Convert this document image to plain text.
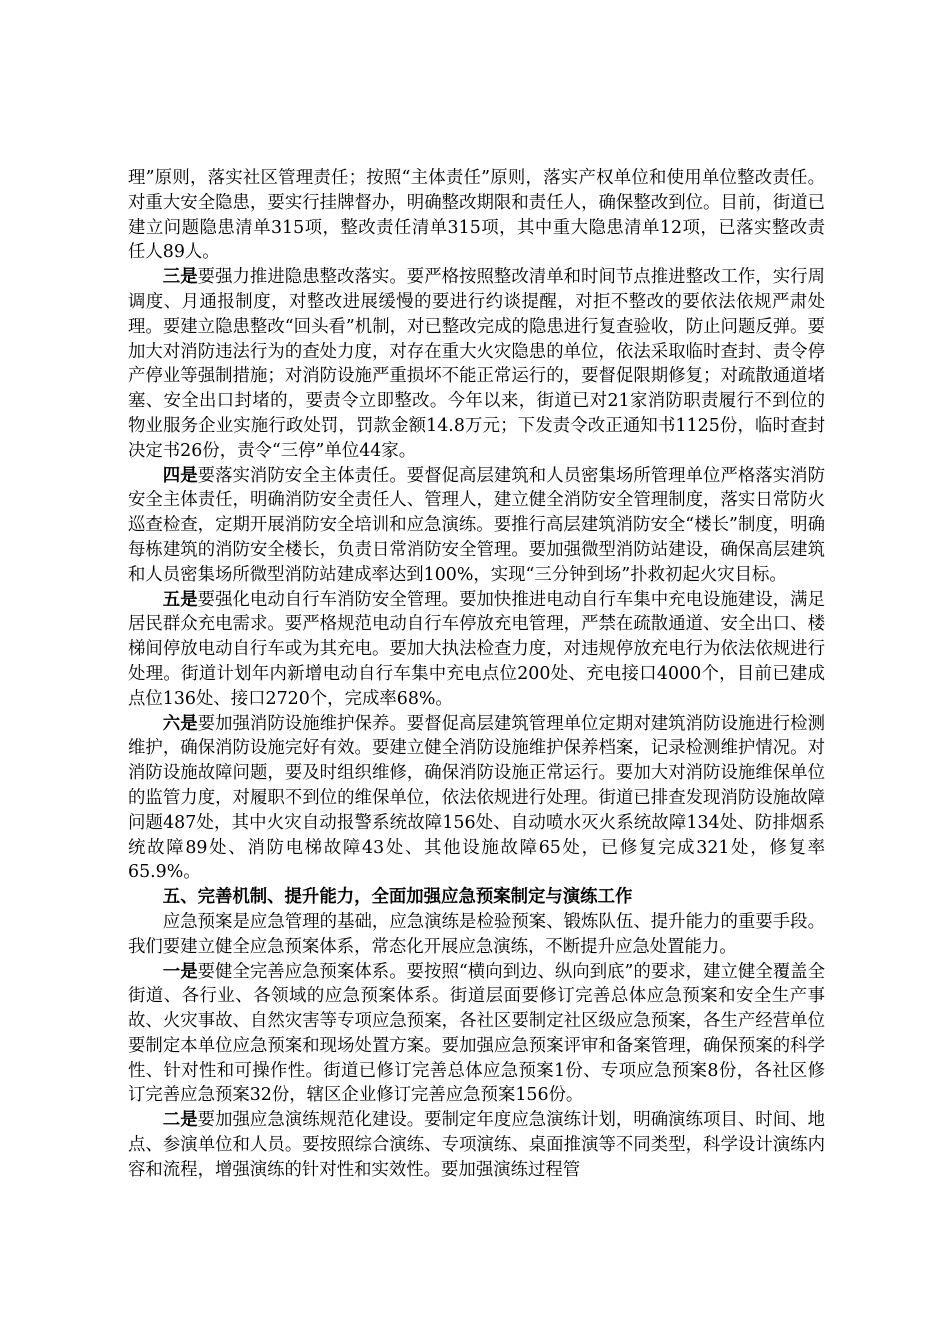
理”原则，落实社区管理责任；按照“主体责任”原则，落实产权单位和使用单位整改责任。对重大安全隐患，要实行挂牌督办，明确整改期限和责任人，确保整改到位。目前，街道已建立问题隐患清单315项，整改责任清单315项，其中重大隐患清单12项，已落实整改责任人89人。

三是要强力推进隐患整改落实。要严格按照整改清单和时间节点推进整改工作，实行周调度、月通报制度，对整改进展缓慢的要进行约谈提醒，对拒不整改的要依法依规严肃处理。要建立隐患整改“回头看”机制，对已整改完成的隐患进行复查验收，防止问题反弹。要加大对消防违法行为的查处力度，对存在重大火灾隐患的单位，依法采取临时查封、责令停产停业等强制措施；对消防设施严重损坏不能正常运行的，要督促限期修复；对疏散通道堵塞、安全出口封堵的，要责令立即整改。今年以来，街道已对21家消防职责履行不到位的物业服务企业实施行政处罚，罚款金额14.8万元；下发责令改正通知书1125份，临时查封决定书26份，责令“三停”单位44家。

四是要落实消防安全主体责任。要督促高层建筑和人员密集场所管理单位严格落实消防安全主体责任，明确消防安全责任人、管理人，建立健全消防安全管理制度，落实日常防火巡查检查，定期开展消防安全培训和应急演练。要推行高层建筑消防安全“楼长”制度，明确每栋建筑的消防安全楼长，负责日常消防安全管理。要加强微型消防站建设，确保高层建筑和人员密集场所微型消防站建成率达到100%，实现“三分钟到场”扑救初起火灾目标。

五是要强化电动自行车消防安全管理。要加快推进电动自行车集中充电设施建设，满足居民群众充电需求。要严格规范电动自行车停放充电管理，严禁在疏散通道、安全出口、楼梯间停放电动自行车或为其充电。要加大执法检查力度，对违规停放充电行为依法依规进行处理。街道计划年内新增电动自行车集中充电点位200处、充电接口4000个，目前已建成点位136处、接口2720个，完成率68%。

六是要加强消防设施维护保养。要督促高层建筑管理单位定期对建筑消防设施进行检测维护，确保消防设施完好有效。要建立健全消防设施维护保养档案，记录检测维护情况。对消防设施故障问题，要及时组织维修，确保消防设施正常运行。要加大对消防设施维保单位的监管力度，对履职不到位的维保单位，依法依规进行处理。街道已排查发现消防设施故障问题487处，其中火灾自动报警系统故障156处、自动喷水灭火系统故障134处、防排烟系统故障89处、消防电梯故障43处、其他设施故障65处，已修复完成321处，修复率65.9%。

五、完善机制、提升能力，全面加强应急预案制定与演练工作

应急预案是应急管理的基础，应急演练是检验预案、锻炼队伍、提升能力的重要手段。我们要建立健全应急预案体系，常态化开展应急演练，不断提升应急处置能力。

一是要健全完善应急预案体系。要按照“横向到边、纵向到底”的要求，建立健全覆盖全街道、各行业、各领域的应急预案体系。街道层面要修订完善总体应急预案和安全生产事故、火灾事故、自然灾害等专项应急预案，各社区要制定社区级应急预案，各生产经营单位要制定本单位应急预案和现场处置方案。要加强应急预案评审和备案管理，确保预案的科学性、针对性和可操作性。街道已修订完善总体应急预案1份、专项应急预案8份，各社区修订完善应急预案32份，辖区企业修订完善应急预案156份。

二是要加强应急演练规范化建设。要制定年度应急演练计划，明确演练项目、时间、地点、参演单位和人员。要按照综合演练、专项演练、桌面推演等不同类型，科学设计演练内容和流程，增强演练的针对性和实效性。要加强演练过程管
